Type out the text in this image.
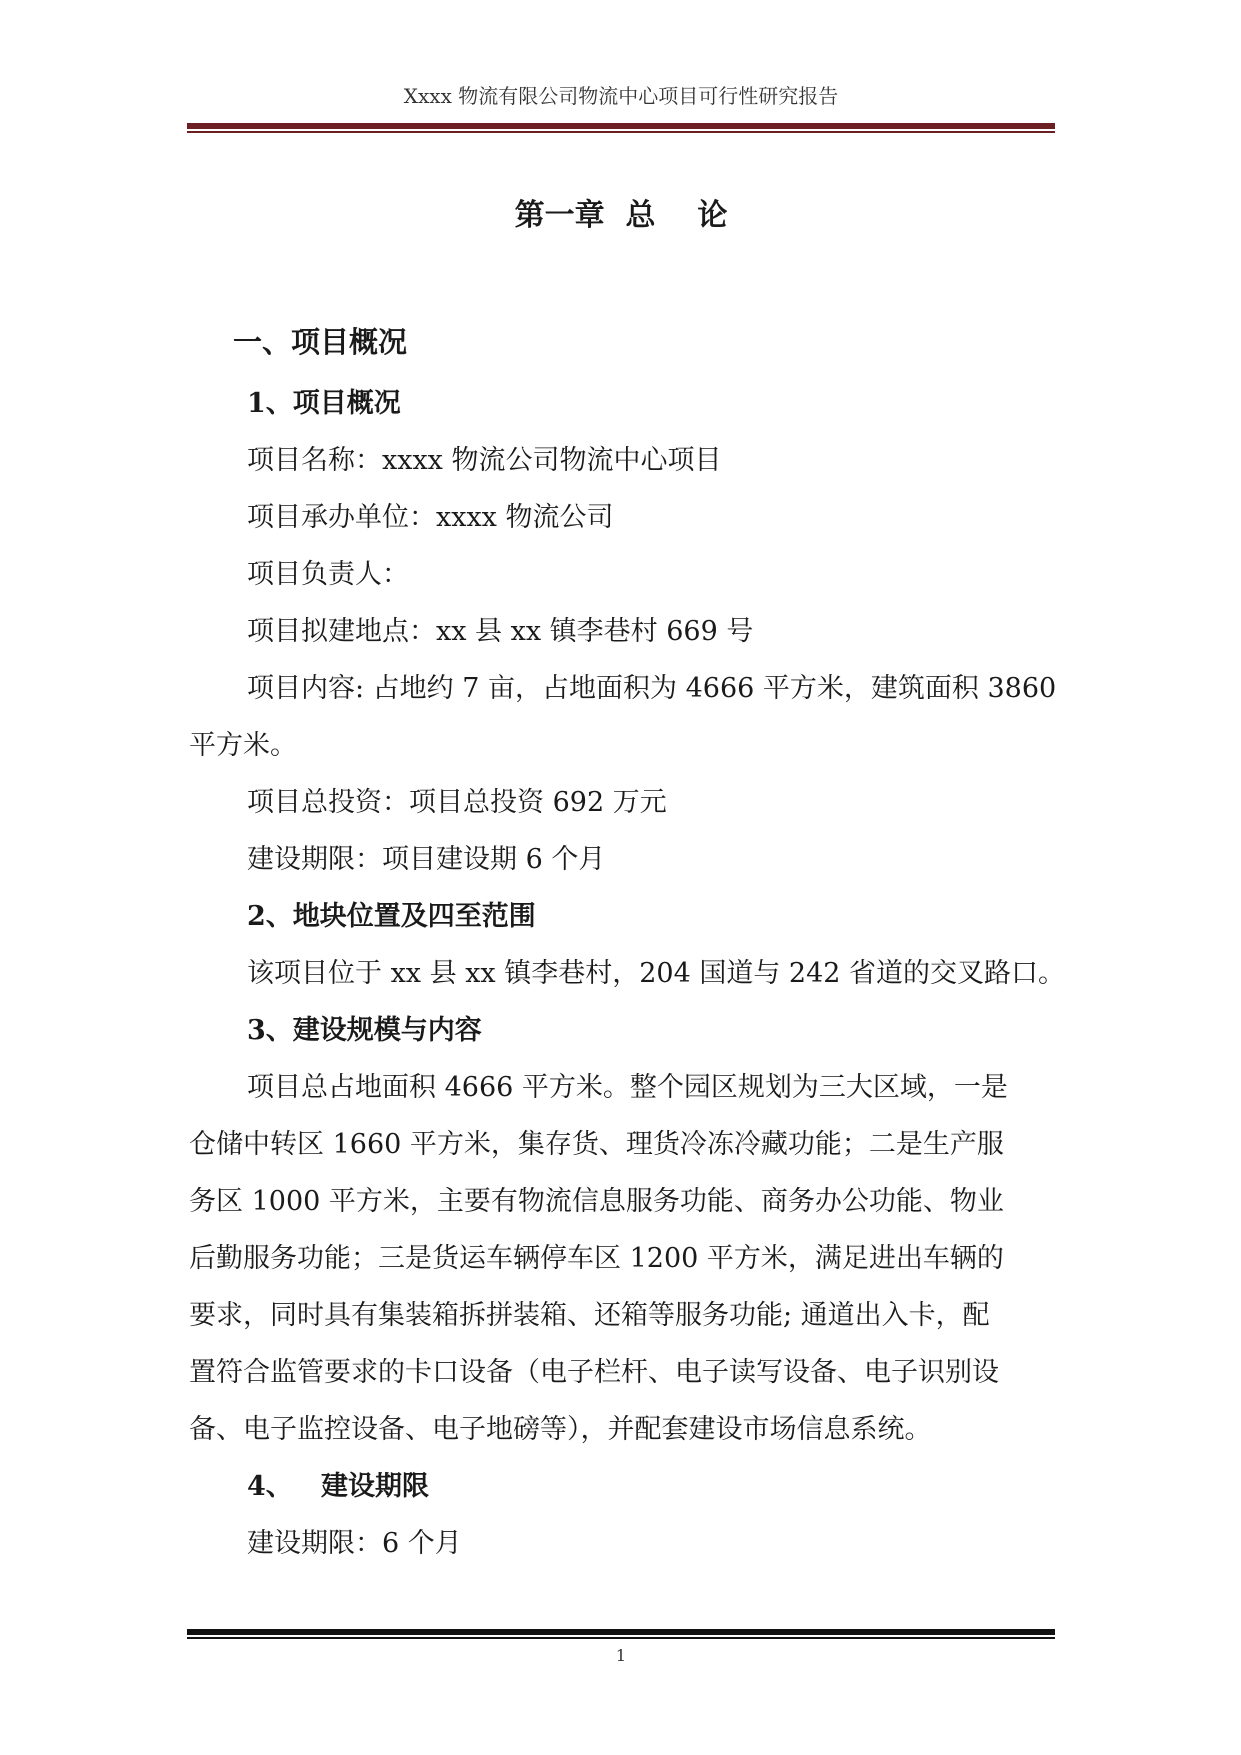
Xxxx 物流有限公司物流中心项目可行性研究报告
第一章  总    论
一、项目概况
1、项目概况
项目名称：xxxx 物流公司物流中心项目
项目承办单位：xxxx 物流公司
项目负责人：
项目拟建地点：xx 县 xx 镇李巷村 669 号
项目内容: 占地约 7 亩，占地面积为 4666 平方米，建筑面积 3860
平方米。
项目总投资：项目总投资 692 万元
建设期限：项目建设期 6 个月
2、地块位置及四至范围
该项目位于 xx 县 xx 镇李巷村，204 国道与 242 省道的交叉路口。
3、建设规模与内容
项目总占地面积 4666 平方米。整个园区规划为三大区域，一是
仓储中转区 1660 平方米，集存货、理货冷冻冷藏功能；二是生产服
务区 1000 平方米，主要有物流信息服务功能、商务办公功能、物业
后勤服务功能；三是货运车辆停车区 1200 平方米，满足进出车辆的
要求，同时具有集装箱拆拼装箱、还箱等服务功能; 通道出入卡，配
置符合监管要求的卡口设备（电子栏杆、电子读写设备、电子识别设
备、电子监控设备、电子地磅等），并配套建设市场信息系统。
4、   建设期限
建设期限：6 个月
1
